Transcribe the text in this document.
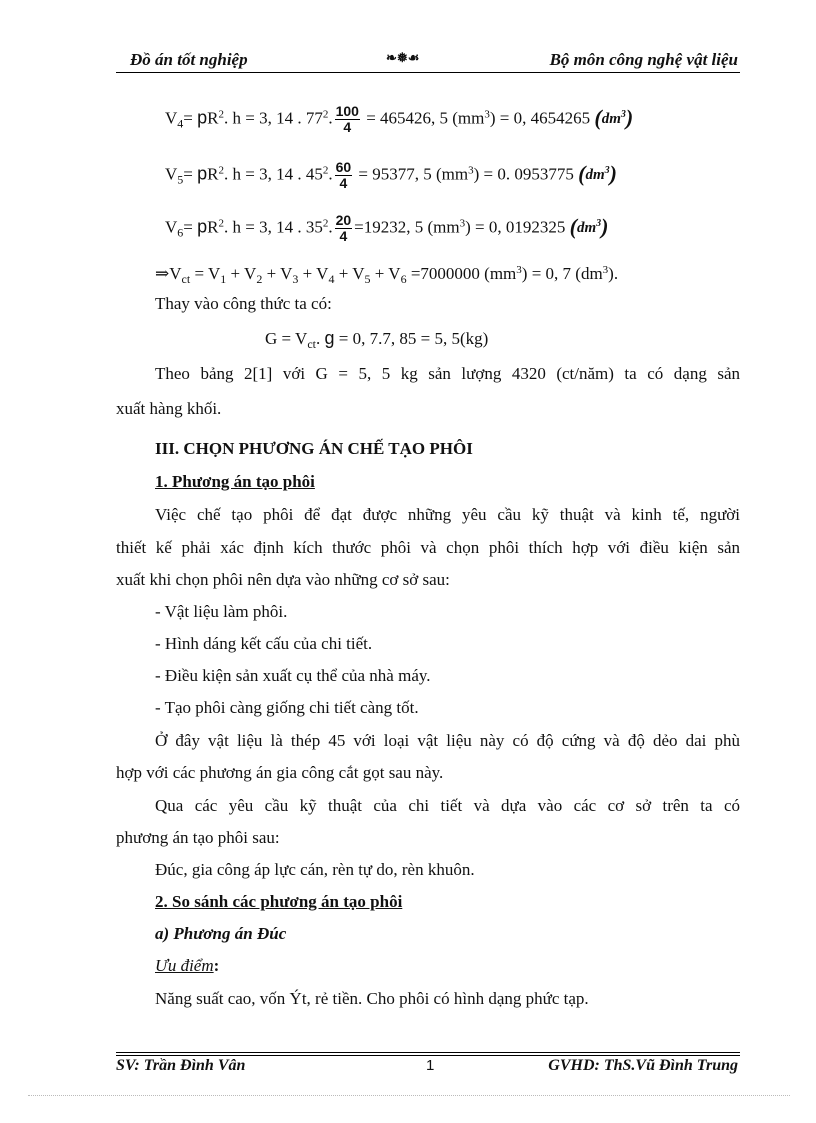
Đồ án tốt nghiệp	❧❅☙	Bộ môn công nghệ vật liệu
$V_4= pR^2$. h = 3, 14 . $77^2$. $\frac{100}{4} = 465426$, 5 $(mm^3) = 0$, 4654265 $(dm^3)$
$V_5= pR^2$. h = 3, 14 . $45^2$. $\frac{60}{4} = 95377$, 5 $(mm^3) = 0$. 0953775 $(dm^3)$
$V_6= pR^2$. h = 3, 14 . $35^2$. $\frac{20}{4} =19232$, 5 $(mm^3) = 0$, 0192325 $(dm^3)$
$\Rightarrow V_{ct} = V_1 + V_2 + V_3 + V_4 + V_5 + V_6 =7000000$ $(mm^3) = 0$, 7 $(dm^3)$.
Thay vào công thức ta có:
$G = V_{ct}$. g = 0, 7.7, 85 = 5, 5(kg)
Theo bảng 2[1] với G = 5, 5 kg sản lượng 4320 (ct/năm) ta có dạng sản
xuất hàng khối.
III. CHỌN PHƯƠNG ÁN CHẾ TẠO PHÔI
1. Phương án tạo phôi
Việc chế tạo phôi để đạt được những yêu cầu kỹ thuật và kinh tế, người
thiết kế phải xác định kích thước phôi và chọn phôi thích hợp với điều kiện sản
xuất khi chọn phôi nên dựa vào những cơ sở sau:
- Vật liệu làm phôi.
- Hình dáng kết cấu của chi tiết.
- Điều kiện sản xuất cụ thể của nhà máy.
- Tạo phôi càng giống chi tiết càng tốt.
Ở đây vật liệu là thép 45 với loại vật liệu này có độ cứng và độ dẻo dai phù
hợp với các phương án gia công cắt gọt sau này.
Qua các yêu cầu kỹ thuật của chi tiết và dựa vào các cơ sở trên ta có
phương án tạo phôi sau:
Đúc, gia công áp lực cán, rèn tự do, rèn khuôn.
2. So sánh các phương án tạo phôi
a) Phương án Đúc
Ưu điểm:
Năng suất cao, vốn Ýt, rẻ tiền. Cho phôi có hình dạng phức tạp.
SV: Trần Đình Vân	1	GVHD: ThS.Vũ Đình Trung
